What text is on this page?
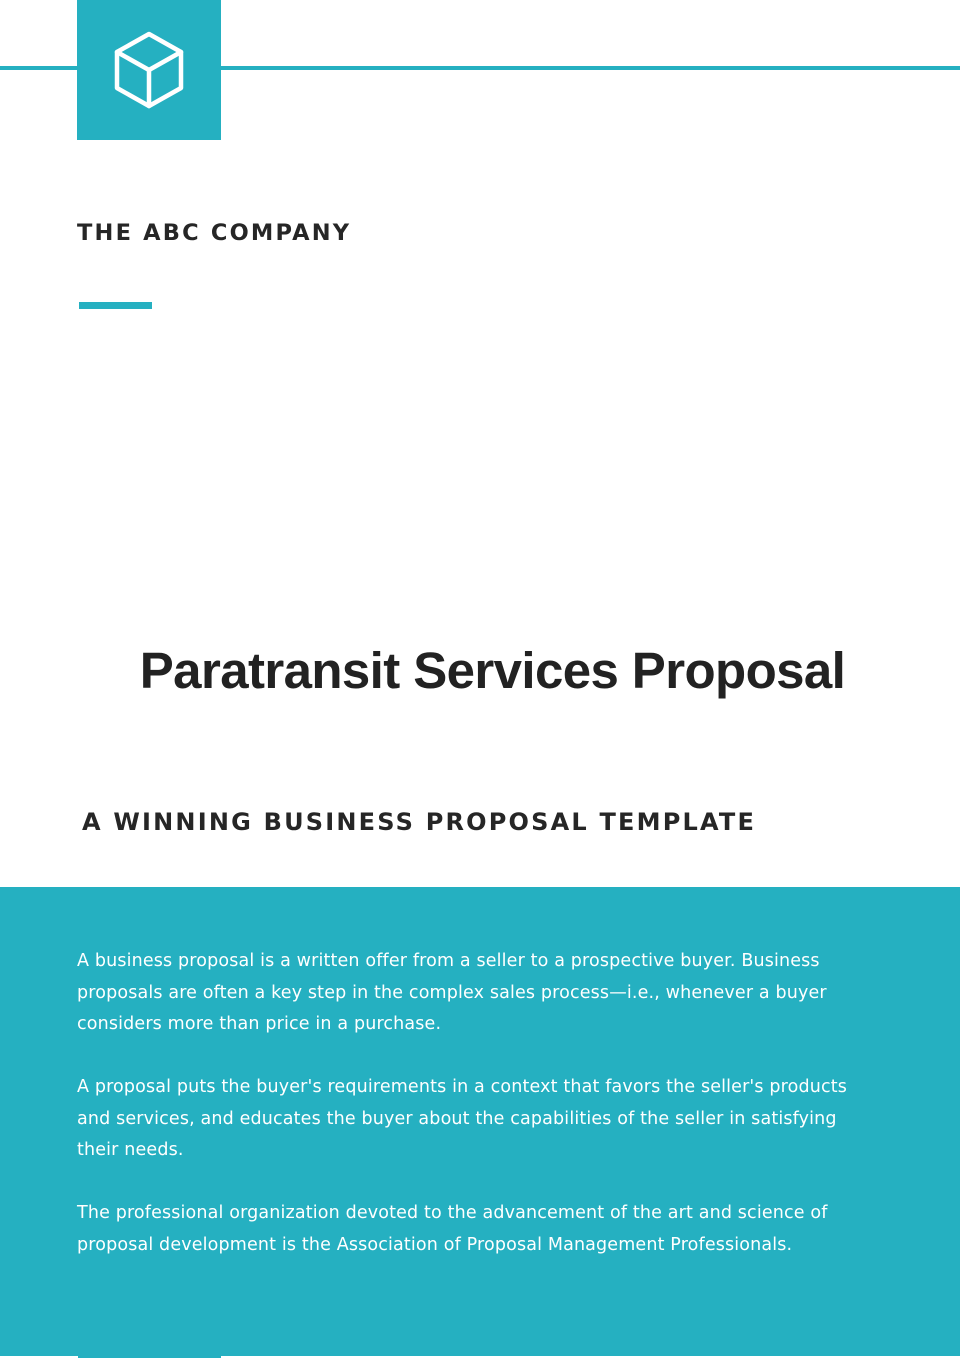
THE ABC COMPANY
Paratransit Services Proposal
A WINNING BUSINESS PROPOSAL TEMPLATE

A business proposal is a written offer from a seller to a prospective buyer. Business proposals are often a key step in the complex sales process—i.e., whenever a buyer considers more than price in a purchase.

A proposal puts the buyer's requirements in a context that favors the seller's products and services, and educates the buyer about the capabilities of the seller in satisfying their needs.

The professional organization devoted to the advancement of the art and science of proposal development is the Association of Proposal Management Professionals.
